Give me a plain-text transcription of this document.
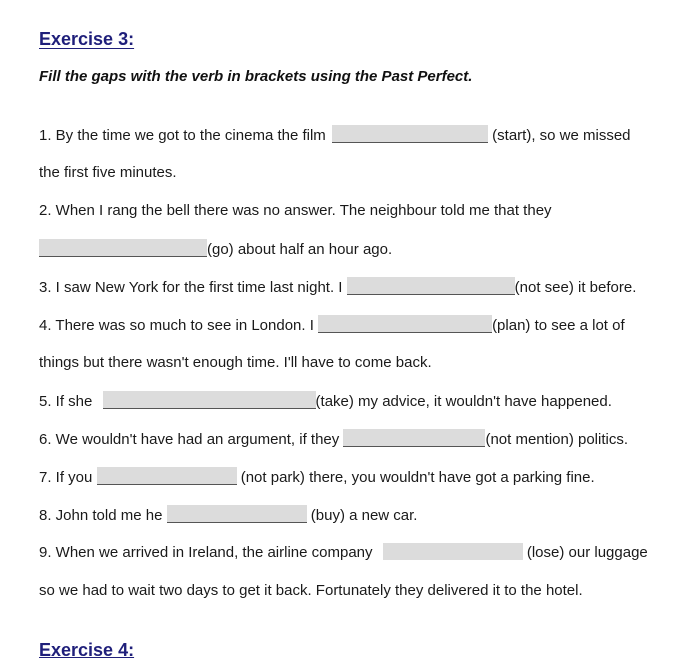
Exercise 3:
Fill the gaps with the verb in brackets using the Past Perfect.
1. By the time we got to the cinema the film	(start), so we missed
the first five minutes.
2. When I rang the bell there was no answer. The neighbour told me that they
(go) about half an hour ago.
3. I saw New York for the first time last night. I	(not see) it before.
4. There was so much to see in London. I	(plan) to see a lot of
things but there wasn't enough time. I'll have to come back.
5. If she	(take) my advice, it wouldn't have happened.
6. We wouldn't have had an argument, if they	(not mention) politics.
7. If you	(not park) there, you wouldn't have got a parking fine.
8. John told me he	(buy) a new car.
9. When we arrived in Ireland, the airline company	(lose) our luggage
so we had to wait two days to get it back. Fortunately they delivered it to the hotel.
Exercise 4:
